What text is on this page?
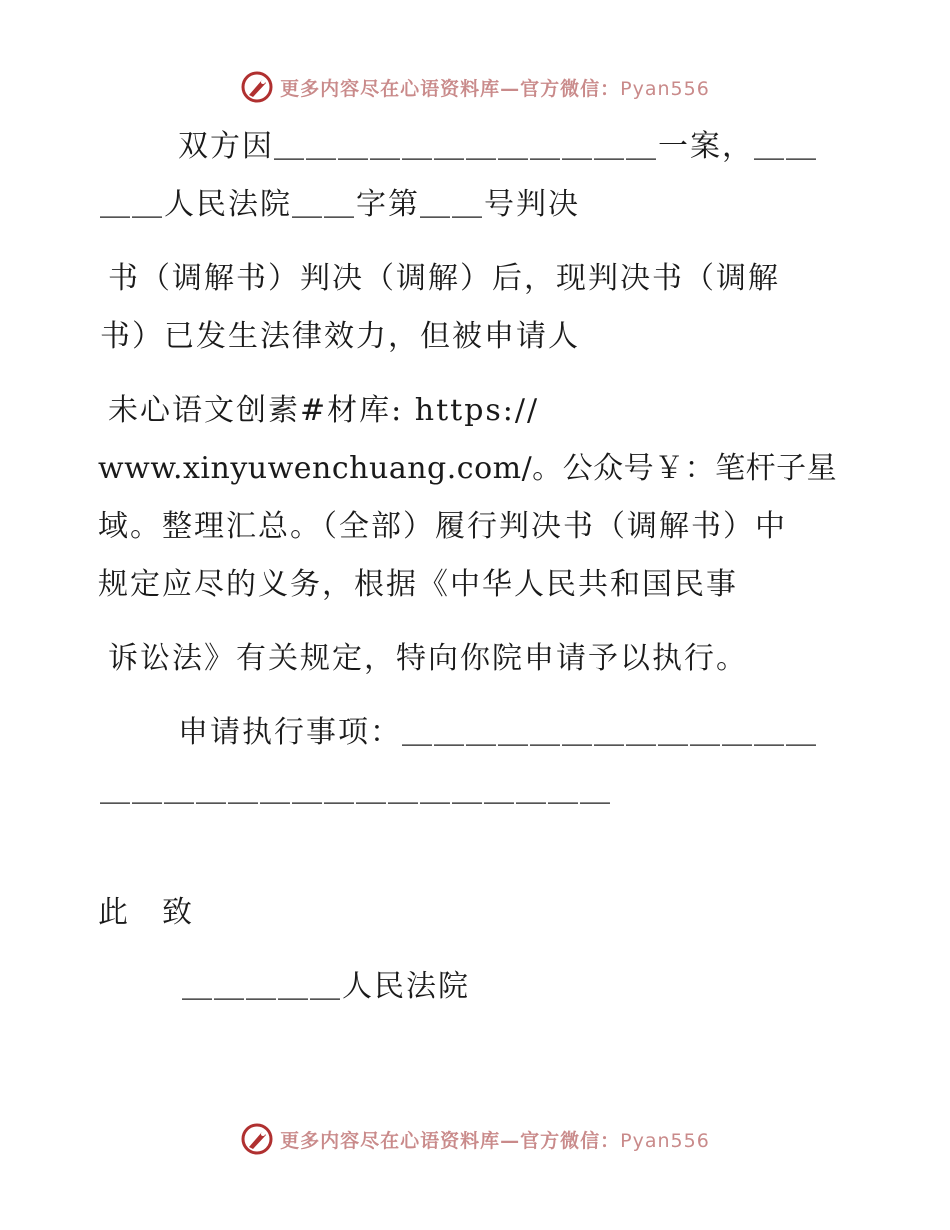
更多内容尽在心语资料库—官方微信：Pyan556
双方因＿＿＿＿＿＿＿＿＿＿＿＿一案，＿＿
＿＿人民法院＿＿字第＿＿号判决
书（调解书）判决（调解）后，现判决书（调解
书）已发生法律效力，但被申请人
未心语文创素#材库: https://
www.xinyuwenchuang.com/。公众号￥：笔杆子星
域。整理汇总。（全部）履行判决书（调解书）中
规定应尽的义务，根据《中华人民共和国民事
诉讼法》有关规定，特向你院申请予以执行。
申请执行事项：＿＿＿＿＿＿＿＿＿＿＿＿＿
＿＿＿＿＿＿＿＿＿＿＿＿＿＿＿＿
此　致
＿＿＿＿＿人民法院
更多内容尽在心语资料库—官方微信：Pyan556
